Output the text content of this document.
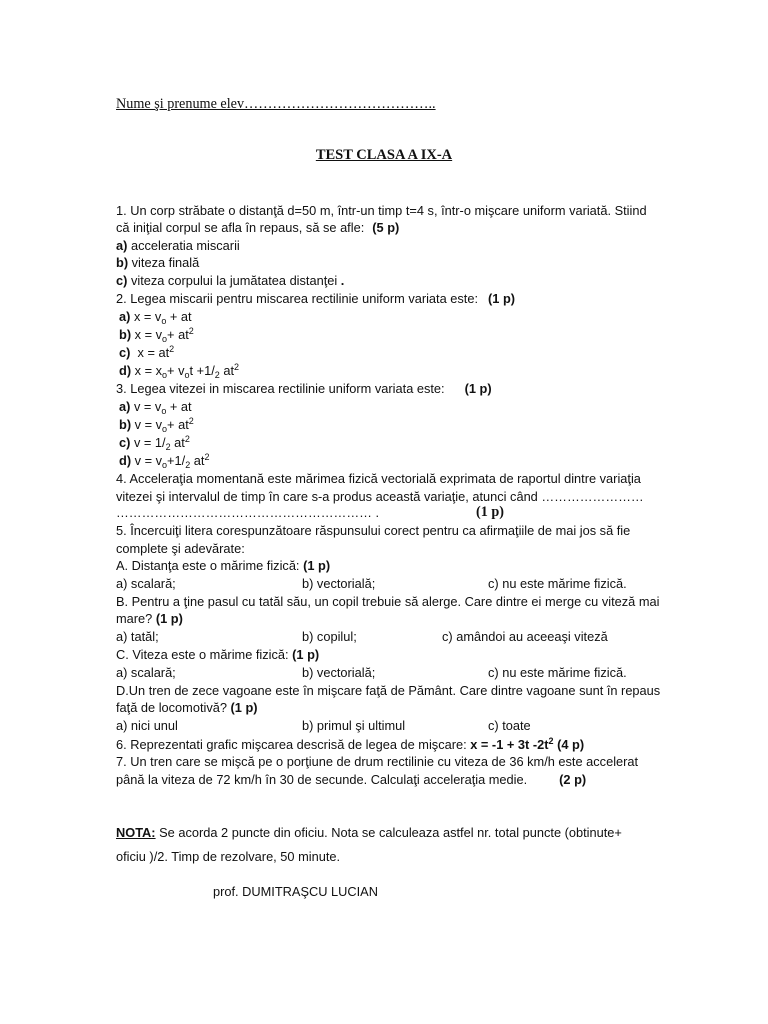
Nume şi prenume elev…………………………………..
TEST CLASA A IX-A
1. Un corp străbate o distanţă d=50 m, într-un timp t=4 s, într-o mişcare uniform variată. Stiind
că iniţial corpul se afla în repaus, să se afle: (5 p)
a) acceleratia miscarii
b) viteza finală
c) viteza corpului la jumătatea distanţei .
2. Legea miscarii pentru miscarea rectilinie uniform variata este: (1 p)
a) $x = v_o$ + at
b) $x = v_o+ at^2$
c)  $x = at^2$
d) $x = x_o+ v_ot +1/_2$ $at^2$
3. Legea vitezei in miscarea rectilinie uniform variata este: (1 p)
a) $v = v_o$ + at
b) $v = v_o+ at^2$
c) $v = 1/_2$ $at^2$
d) $v = v_o+1/_2$ $at^2$
4. Acceleraţia momentană este mărimea fizică vectorială exprimata de raportul dintre variaţia
vitezei şi intervalul de timp în care s-a produs această variaţie, atunci când ……………………
…………………………………………………… .	(1 p)
5. Încercuiţi litera corespunzătoare răspunsului corect pentru ca afirmaţiile de mai jos să fie
complete şi adevărate:
A. Distanţa este o mărime fizică: (1 p)
a) scalară;	b) vectorială;	c) nu este mărime fizică.
B. Pentru a ţine pasul cu tatăl său, un copil trebuie să alerge. Care dintre ei merge cu viteză mai
mare? (1 p)
a) tatăl;	b) copilul;	c) amândoi au aceeaşi viteză
C. Viteza este o mărime fizică: (1 p)
a) scalară;	b) vectorială;	c) nu este mărime fizică.
D.Un tren de zece vagoane este în mişcare faţă de Pământ. Care dintre vagoane sunt în repaus
faţă de locomotivă? (1 p)
a) nici unul	b) primul şi ultimul	c) toate
6. Reprezentati grafic mişcarea descrisă de legea de mişcare: x = -1 + 3t $-2t^2$ (4 p)
7. Un tren care se mişcă pe o porţiune de drum rectilinie cu viteza de 36 km/h este accelerat
până la viteza de 72 km/h în 30 de secunde. Calculaţi acceleraţia medie.	(2 p)
NOTA: Se acorda 2 puncte din oficiu. Nota se calculeaza astfel nr. total puncte (obtinute+
oficiu )/2. Timp de rezolvare, 50 minute.
prof. DUMITRAŞCU LUCIAN
